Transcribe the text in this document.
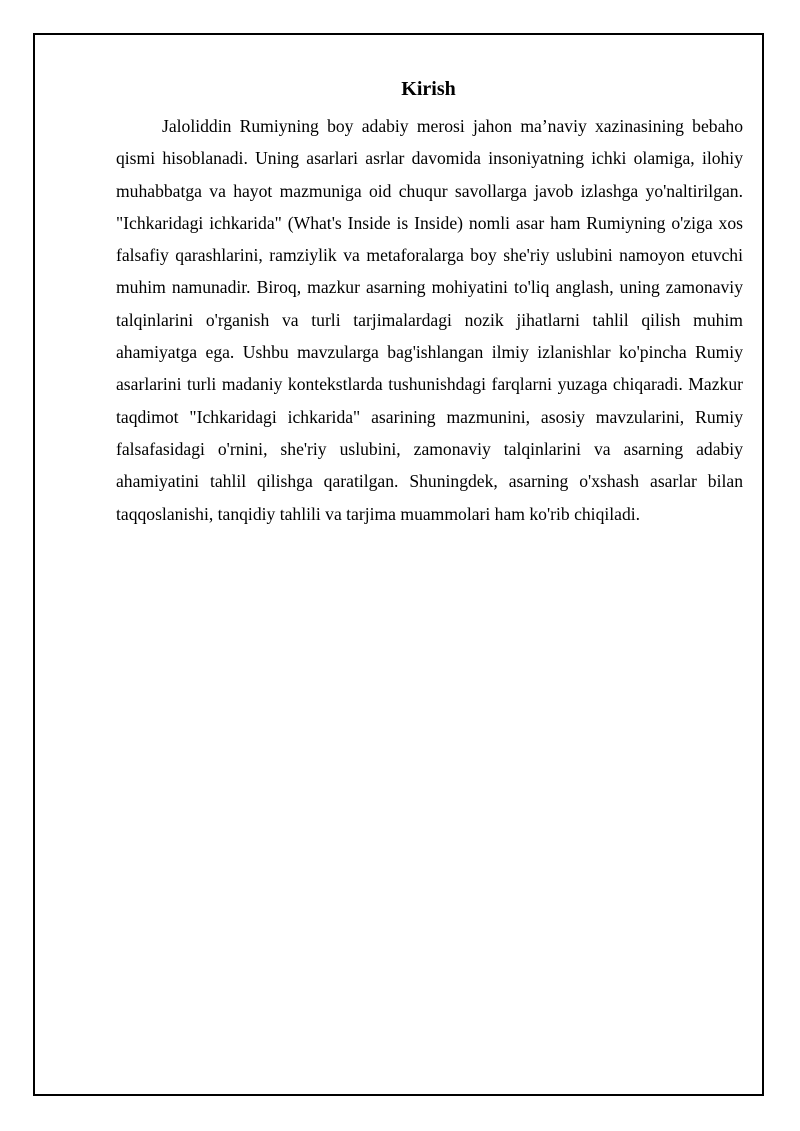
Kirish

Jaloliddin Rumiyning boy adabiy merosi jahon ma’naviy xazinasining bebaho qismi hisoblanadi. Uning asarlari asrlar davomida insoniyatning ichki olamiga, ilohiy muhabbatga va hayot mazmuniga oid chuqur savollarga javob izlashga yo'naltirilgan. "Ichkaridagi ichkarida" (What's Inside is Inside) nomli asar ham Rumiyning o'ziga xos falsafiy qarashlarini, ramziylik va metaforalarga boy she'riy uslubini namoyon etuvchi muhim namunadir. Biroq, mazkur asarning mohiyatini to'liq anglash, uning zamonaviy talqinlarini o'rganish va turli tarjimalardagi nozik jihatlarni tahlil qilish muhim ahamiyatga ega. Ushbu mavzularga bag'ishlangan ilmiy izlanishlar ko'pincha Rumiy asarlarini turli madaniy kontekstlarda tushunishdagi farqlarni yuzaga chiqaradi. Mazkur taqdimot "Ichkaridagi ichkarida" asarining mazmunini, asosiy mavzularini, Rumiy falsafasidagi o'rnini, she'riy uslubini, zamonaviy talqinlarini va asarning adabiy ahamiyatini tahlil qilishga qaratilgan. Shuningdek, asarning o'xshash asarlar bilan taqqoslanishi, tanqidiy tahlili va tarjima muammolari ham ko'rib chiqiladi.
